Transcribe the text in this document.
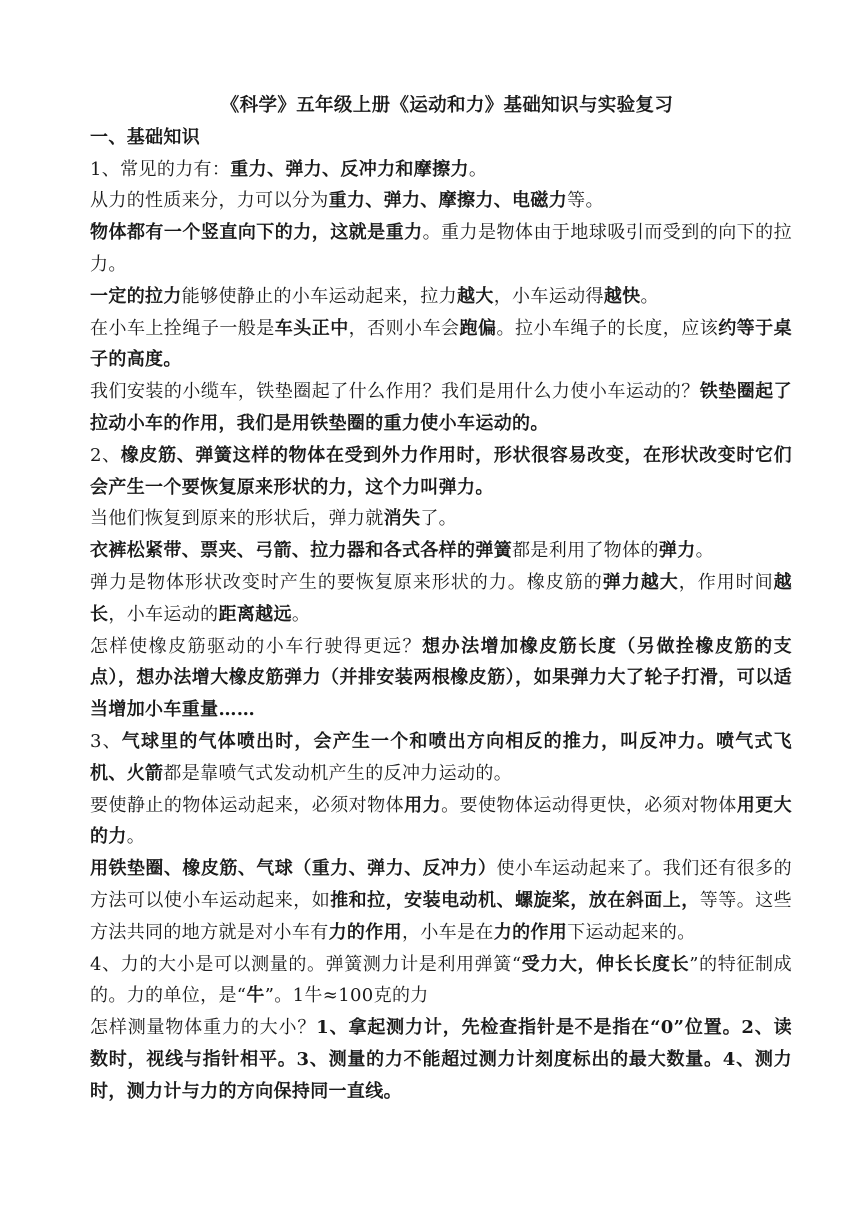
《科学》五年级上册《运动和力》基础知识与实验复习

一、基础知识

1、常见的力有：重力、弹力、反冲力和摩擦力。

从力的性质来分，力可以分为重力、弹力、摩擦力、电磁力等。

物体都有一个竖直向下的力，这就是重力。重力是物体由于地球吸引而受到的向下的拉力。

一定的拉力能够使静止的小车运动起来，拉力越大，小车运动得越快。

在小车上拴绳子一般是车头正中，否则小车会跑偏。拉小车绳子的长度，应该约等于桌子的高度。

我们安装的小缆车，铁垫圈起了什么作用？我们是用什么力使小车运动的？铁垫圈起了拉动小车的作用，我们是用铁垫圈的重力使小车运动的。

2、橡皮筋、弹簧这样的物体在受到外力作用时，形状很容易改变，在形状改变时它们会产生一个要恢复原来形状的力，这个力叫弹力。

当他们恢复到原来的形状后，弹力就消失了。

衣裤松紧带、票夹、弓箭、拉力器和各式各样的弹簧都是利用了物体的弹力。

弹力是物体形状改变时产生的要恢复原来形状的力。橡皮筋的弹力越大，作用时间越长，小车运动的距离越远。

怎样使橡皮筋驱动的小车行驶得更远？想办法增加橡皮筋长度（另做拴橡皮筋的支点），想办法增大橡皮筋弹力（并排安装两根橡皮筋），如果弹力大了轮子打滑，可以适当增加小车重量……

3、气球里的气体喷出时，会产生一个和喷出方向相反的推力，叫反冲力。喷气式飞机、火箭都是靠喷气式发动机产生的反冲力运动的。

要使静止的物体运动起来，必须对物体用力。要使物体运动得更快，必须对物体用更大的力。

用铁垫圈、橡皮筋、气球（重力、弹力、反冲力）使小车运动起来了。我们还有很多的方法可以使小车运动起来，如推和拉，安装电动机、螺旋桨，放在斜面上，等等。这些方法共同的地方就是对小车有力的作用，小车是在力的作用下运动起来的。

4、力的大小是可以测量的。弹簧测力计是利用弹簧“受力大，伸长长度长”的特征制成的。力的单位，是“牛”。1牛≈100克的力

怎样测量物体重力的大小？1、拿起测力计，先检查指针是不是指在“0”位置。2、读数时，视线与指针相平。3、测量的力不能超过测力计刻度标出的最大数量。4、测力时，测力计与力的方向保持同一直线。
